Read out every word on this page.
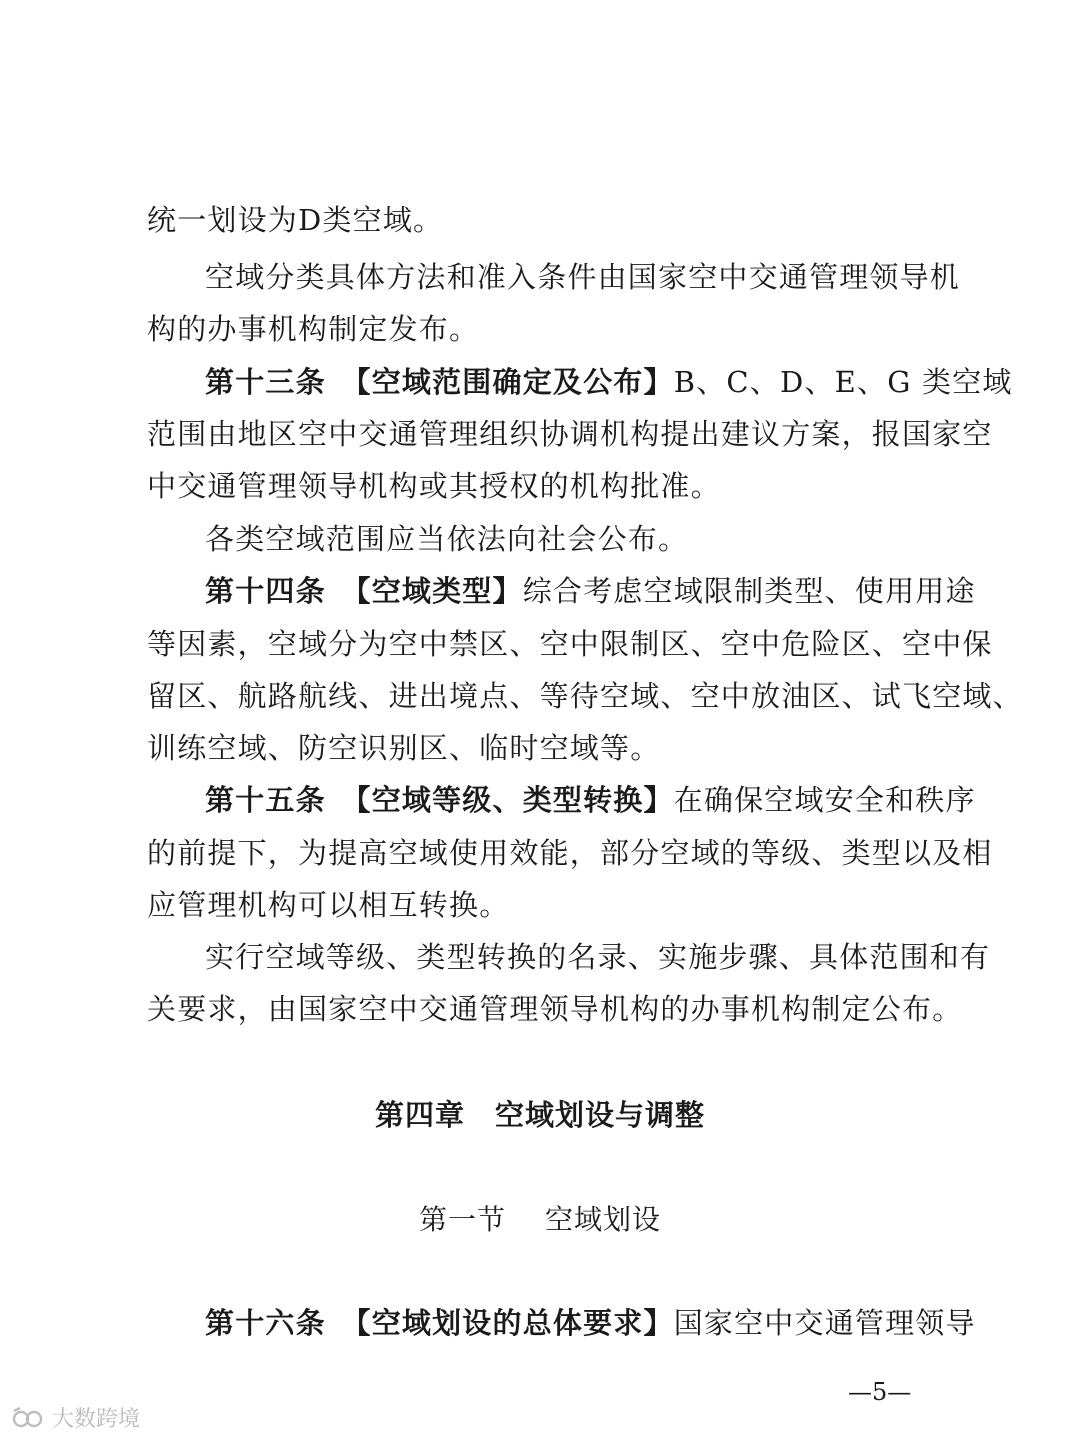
统一划设为D类空域。
空域分类具体方法和准入条件由国家空中交通管理领导机
构的办事机构制定发布。
第十三条　【空域范围确定及公布】B、C、D、E、G 类空域
范围由地区空中交通管理组织协调机构提出建议方案，报国家空
中交通管理领导机构或其授权的机构批准。
各类空域范围应当依法向社会公布。
第十四条　【空域类型】综合考虑空域限制类型、使用用途
等因素，空域分为空中禁区、空中限制区、空中危险区、空中保
留区、航路航线、进出境点、等待空域、空中放油区、试飞空域、
训练空域、防空识别区、临时空域等。
第十五条　【空域等级、类型转换】在确保空域安全和秩序
的前提下，为提高空域使用效能，部分空域的等级、类型以及相
应管理机构可以相互转换。
实行空域等级、类型转换的名录、实施步骤、具体范围和有
关要求，由国家空中交通管理领导机构的办事机构制定公布。
第十六条　【空域划设的总体要求】国家空中交通管理领导
第四章　空域划设与调整
第一节　 空域划设
—5—
大数跨境
